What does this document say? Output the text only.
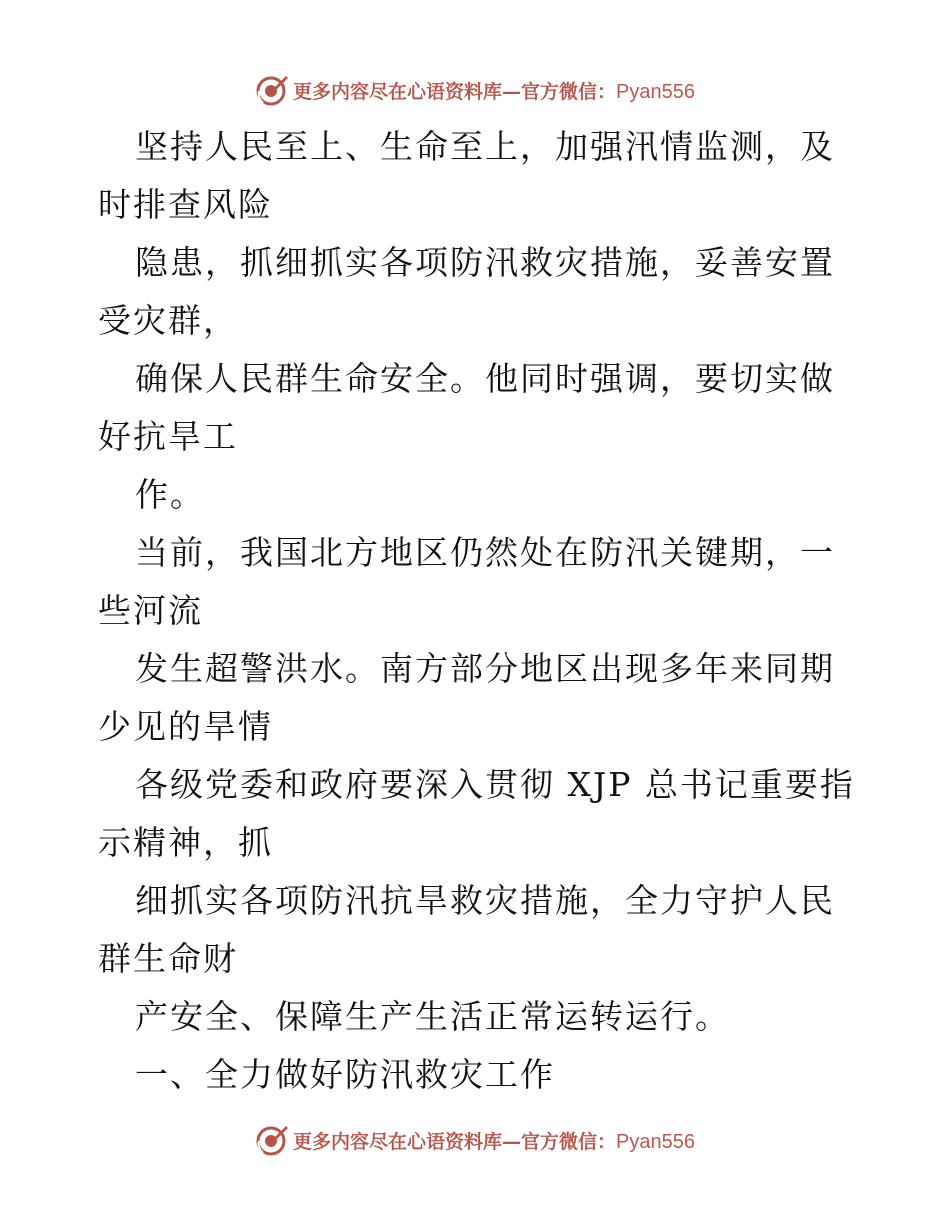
更多内容尽在心语资料库—官方微信：Pyan556

坚持人民至上、生命至上，加强汛情监测，及时排查风险

隐患，抓细抓实各项防汛救灾措施，妥善安置受灾群，

确保人民群生命安全。他同时强调，要切实做好抗旱工

作。

当前，我国北方地区仍然处在防汛关键期，一些河流

发生超警洪水。南方部分地区出现多年来同期少见的旱情

各级党委和政府要深入贯彻 XJP 总书记重要指示精神，抓

细抓实各项防汛抗旱救灾措施，全力守护人民群生命财

产安全、保障生产生活正常运转运行。

一、全力做好防汛救灾工作

更多内容尽在心语资料库—官方微信：Pyan556
